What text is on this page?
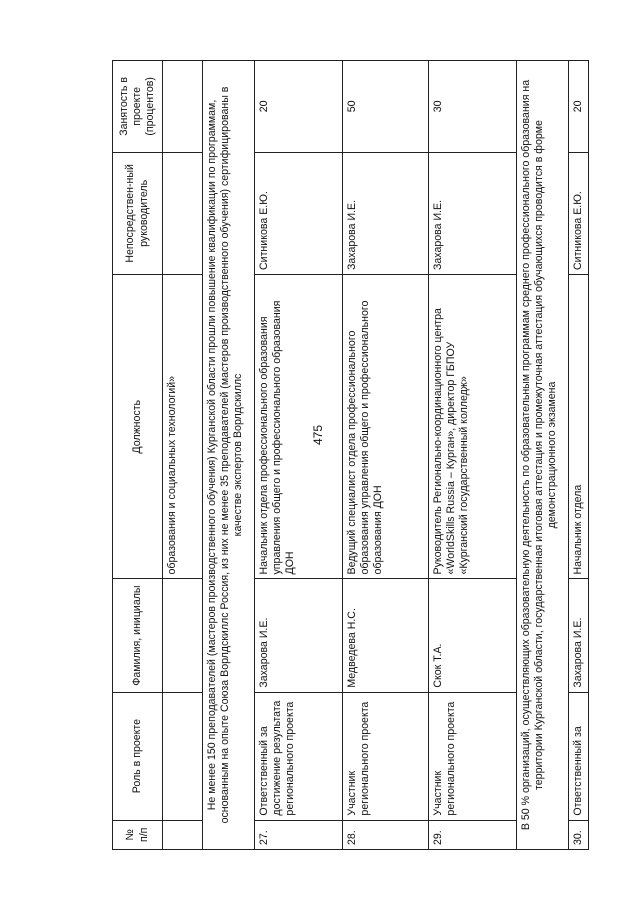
475
№ п/п	Роль в проекте	Фамилия, инициалы	Должность	Непосредствен-ный руководитель	Занятость в проекте (процентов)
			образования и социальных технологий»		
Не менее 150 преподавателей (мастеров производственного обучения) Курганской области прошли повышение квалификации по программам, основанным на опыте Союза Ворлдскиллс Россия, из них не менее 35 преподавателей (мастеров производственного обучения) сертифицированы в качестве экспертов Ворлдскиллс					
27.	Ответственный за достижение результата регионального проекта	Захарова И.Е.	Начальник отдела профессионального образования управления общего и профессионального образования ДОН	Ситникова Е.Ю.	20
28.	Участник регионального проекта	Медведева Н.С.	Ведущий специалист отдела профессионального образования управления общего и профессионального образования ДОН	Захарова И.Е.	50
29.	Участник регионального проекта	Скок Т.А.	Руководитель Регионально-координационного центра «WorldSkills Russia – Курган», директор ГБПОУ «Курганский государственный колледж»	Захарова И.Е.	30
В 50 % организаций, осуществляющих образовательную деятельность по образовательным программам среднего профессионального образования на территории Курганской области, государственная итоговая аттестация и промежуточная аттестация обучающихся проводится в форме демонстрационного экзамена					
30.	Ответственный за	Захарова И.Е.	Начальник отдела	Ситникова Е.Ю.	20
